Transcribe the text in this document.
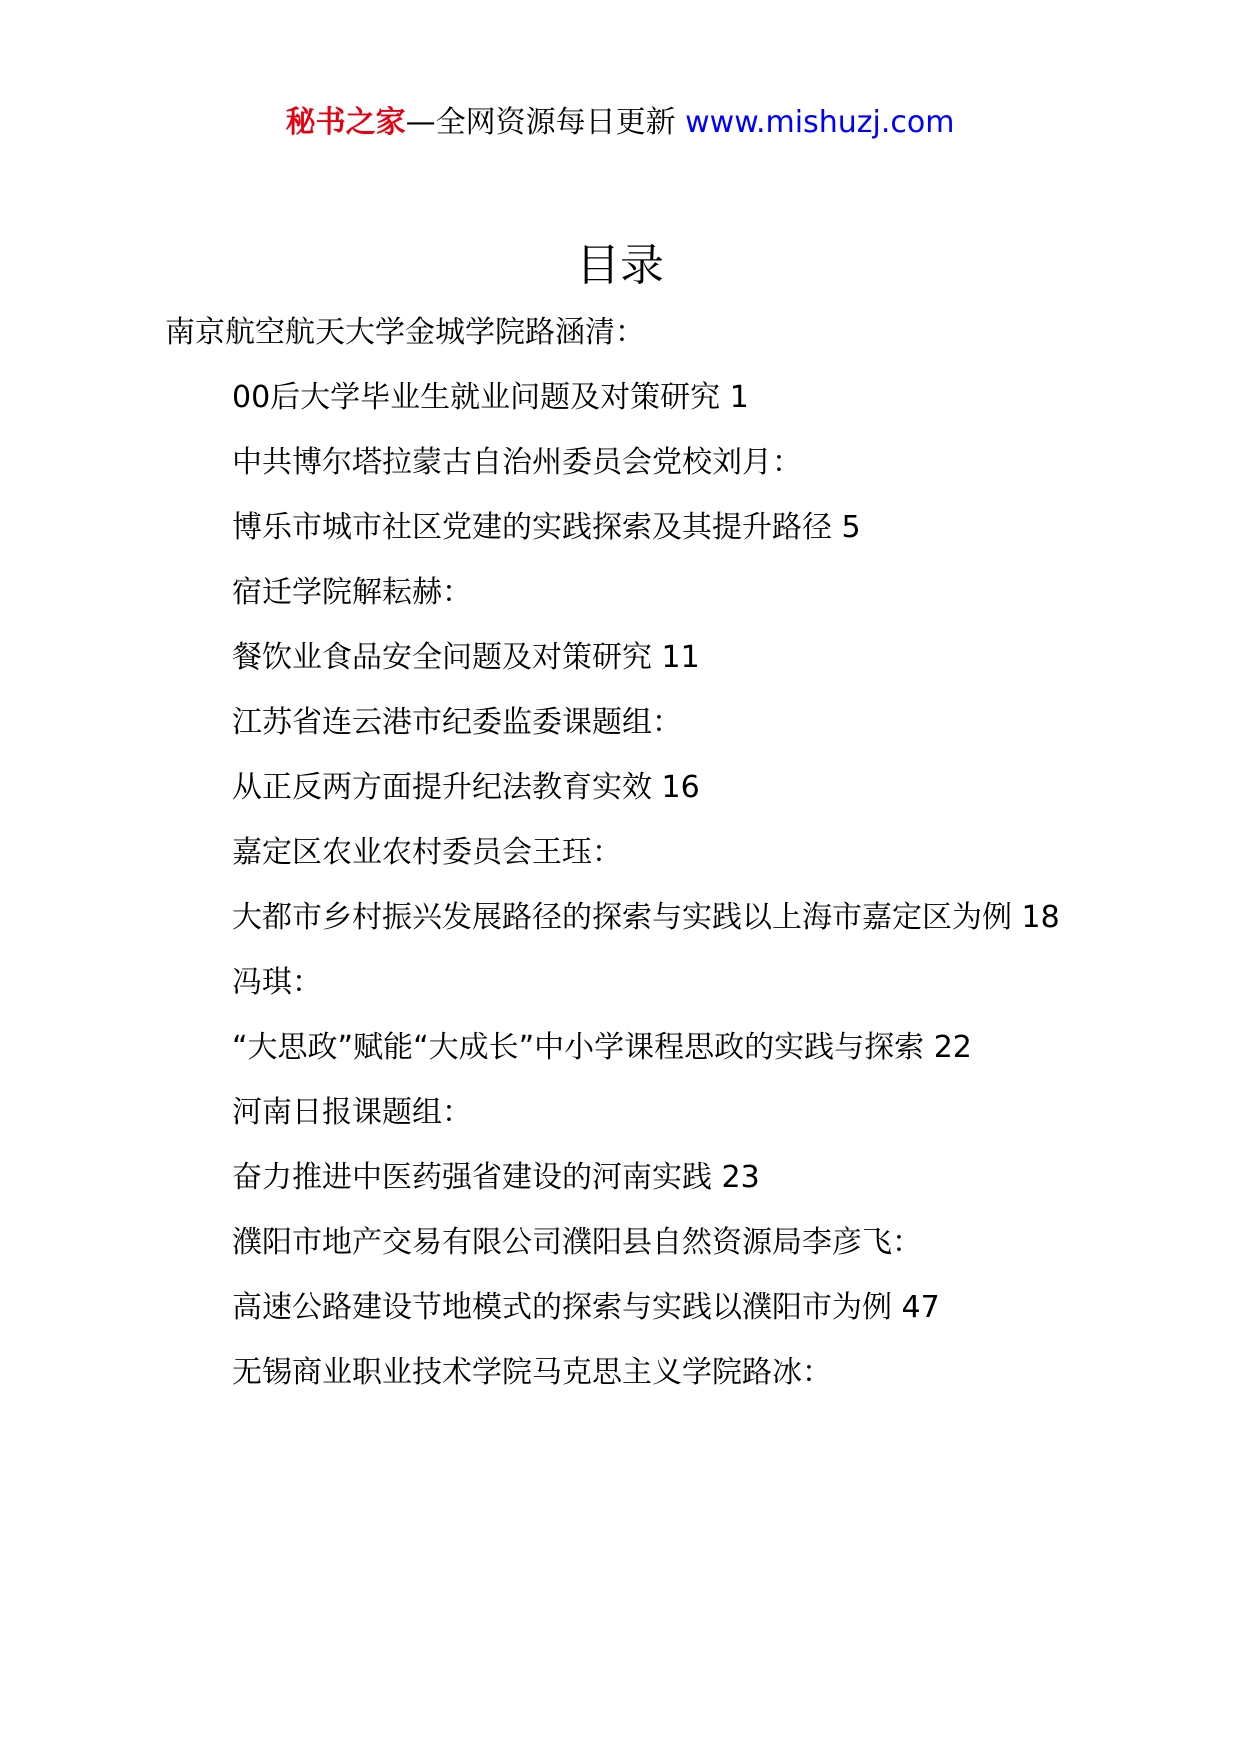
秘书之家—全网资源每日更新 www.mishuzj.com
目录

南京航空航天大学金城学院路涵清：

00后大学毕业生就业问题及对策研究 1

中共博尔塔拉蒙古自治州委员会党校刘月：

博乐市城市社区党建的实践探索及其提升路径 5

宿迁学院解耘赫：

餐饮业食品安全问题及对策研究 11

江苏省连云港市纪委监委课题组：

从正反两方面提升纪法教育实效 16

嘉定区农业农村委员会王珏：

大都市乡村振兴发展路径的探索与实践以上海市嘉定区为例 18

冯琪：

“大思政”赋能“大成长”中小学课程思政的实践与探索 22

河南日报课题组：

奋力推进中医药强省建设的河南实践 23

濮阳市地产交易有限公司濮阳县自然资源局李彦飞：

高速公路建设节地模式的探索与实践以濮阳市为例 47

无锡商业职业技术学院马克思主义学院路冰：
